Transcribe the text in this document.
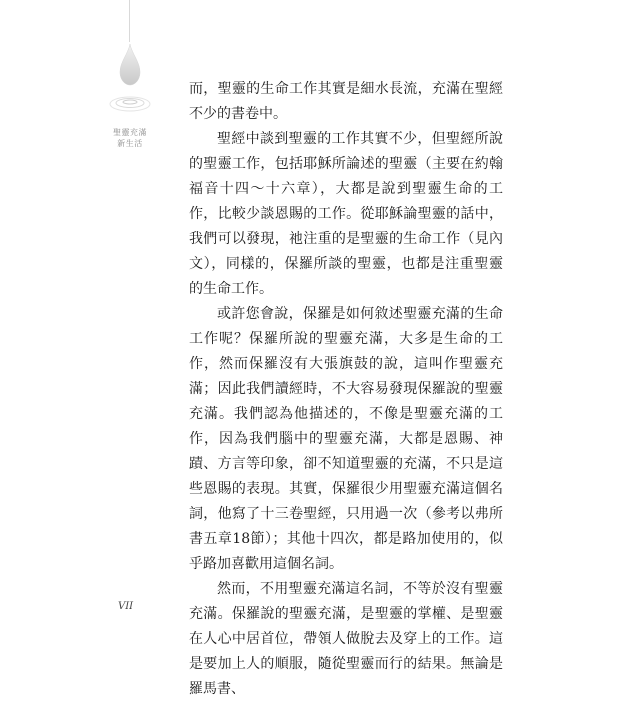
聖靈充滿
新生活

而，聖靈的生命工作其實是細水長流，充滿在聖經不少的書卷中。

聖經中談到聖靈的工作其實不少，但聖經所說的聖靈工作，包括耶穌所論述的聖靈（主要在約翰福音十四～十六章），大都是說到聖靈生命的工作，比較少談恩賜的工作。從耶穌論聖靈的話中，我們可以發現，祂注重的是聖靈的生命工作（見內文），同樣的，保羅所談的聖靈，也都是注重聖靈的生命工作。

或許您會說，保羅是如何敘述聖靈充滿的生命工作呢？保羅所說的聖靈充滿，大多是生命的工作，然而保羅沒有大張旗鼓的說，這叫作聖靈充滿；因此我們讀經時，不大容易發現保羅說的聖靈充滿。我們認為他描述的，不像是聖靈充滿的工作，因為我們腦中的聖靈充滿，大都是恩賜、神蹟、方言等印象，卻不知道聖靈的充滿，不只是這些恩賜的表現。其實，保羅很少用聖靈充滿這個名詞，他寫了十三卷聖經，只用過一次（參考以弗所書五章18節）；其他十四次，都是路加使用的，似乎路加喜歡用這個名詞。

然而，不用聖靈充滿這名詞，不等於沒有聖靈充滿。保羅說的聖靈充滿，是聖靈的掌權、是聖靈在人心中居首位，帶領人做脫去及穿上的工作。這是要加上人的順服，隨從聖靈而行的結果。無論是羅馬書、

VII
